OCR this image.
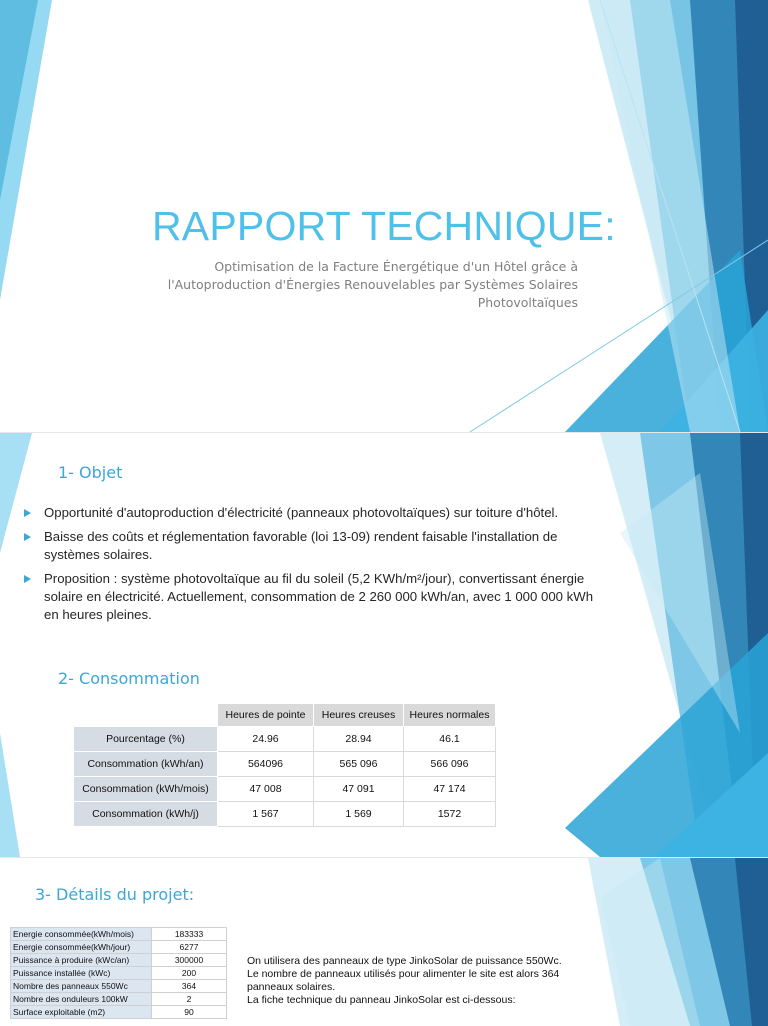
RAPPORT TECHNIQUE:

Optimisation de la Facture Énergétique d'un Hôtel grâce à l'Autoproduction d'Énergies Renouvelables par Systèmes Solaires Photovoltaïques

1- Objet
Opportunité d'autoproduction d'électricité (panneaux photovoltaïques) sur toiture d'hôtel.
Baisse des coûts et réglementation favorable (loi 13-09) rendent faisable l'installation de systèmes solaires.
Proposition : système photovoltaïque au fil du soleil (5,2 KWh/m²/jour), convertissant énergie solaire en électricité. Actuellement, consommation de 2 260 000 kWh/an, avec 1 000 000 kWh en heures pleines.
2- Consommation
	Heures de pointe	Heures creuses	Heures normales
Pourcentage (%)	24.96	28.94	46.1
Consommation (kWh/an)	564096	565 096	566 096
Consommation (kWh/mois)	47 008	47 091	47 174
Consommation (kWh/j)	1 567	1 569	1572
3- Détails du projet:
Energie consommée(kWh/mois)	183333
Energie consommée(kWh/jour)	6277
Puissance à produire (kWc/an)	300000
Puissance installée (kWc)	200
Nombre des panneaux 550Wc	364
Nombre des onduleurs 100kW	2
Surface exploitable (m2)	90

On utilisera des panneaux de type JinkoSolar de puissance 550Wc.

Le nombre de panneaux utilisés pour alimenter le site est alors 364 panneaux solaires.

La fiche technique du panneau JinkoSolar est ci-dessous:
